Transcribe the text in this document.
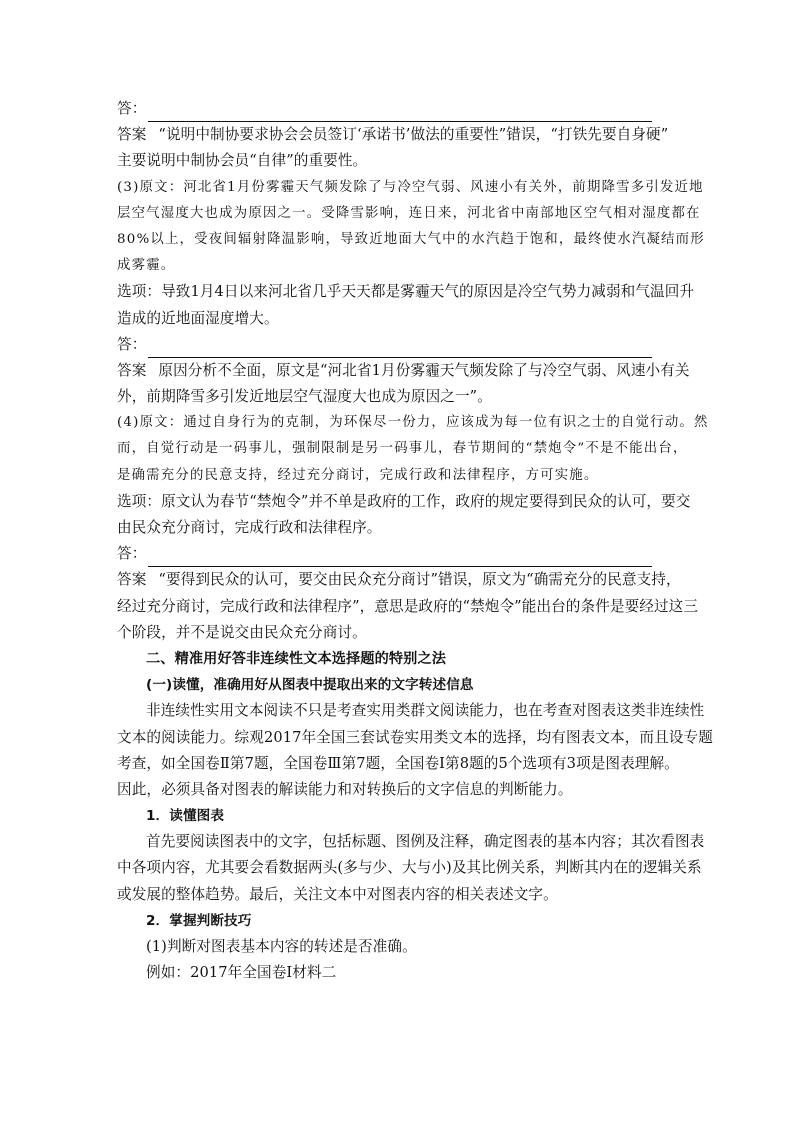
答：
答案 “说明中制协要求协会会员签订‘承诺书’做法的重要性”错误，“打铁先要自身硬”
主要说明中制协会员“自律”的重要性。
(3)原文：河北省1月份雾霾天气频发除了与冷空气弱、风速小有关外，前期降雪多引发近地
层空气湿度大也成为原因之一。受降雪影响，连日来，河北省中南部地区空气相对湿度都在
80%以上，受夜间辐射降温影响，导致近地面大气中的水汽趋于饱和，最终使水汽凝结而形
成雾霾。
选项：导致1月4日以来河北省几乎天天都是雾霾天气的原因是冷空气势力减弱和气温回升
造成的近地面湿度增大。
答：
答案 原因分析不全面，原文是“河北省1月份雾霾天气频发除了与冷空气弱、风速小有关
外，前期降雪多引发近地层空气湿度大也成为原因之一”。
(4)原文：通过自身行为的克制，为环保尽一份力，应该成为每一位有识之士的自觉行动。然
而，自觉行动是一码事儿，强制限制是另一码事儿，春节期间的“禁炮令”不是不能出台，
是确需充分的民意支持，经过充分商讨，完成行政和法律程序，方可实施。
选项：原文认为春节“禁炮令”并不单是政府的工作，政府的规定要得到民众的认可，要交
由民众充分商讨，完成行政和法律程序。
答：
答案 “要得到民众的认可，要交由民众充分商讨”错误，原文为“确需充分的民意支持，
经过充分商讨，完成行政和法律程序”，意思是政府的“禁炮令”能出台的条件是要经过这三
个阶段，并不是说交由民众充分商讨。
二、精准用好答非连续性文本选择题的特别之法
(一)读懂，准确用好从图表中提取出来的文字转述信息
非连续性实用文本阅读不只是考查实用类群文阅读能力，也在考查对图表这类非连续性
文本的阅读能力。综观2017年全国三套试卷实用类文本的选择，均有图表文本，而且设专题
考查，如全国卷Ⅱ第7题，全国卷Ⅲ第7题，全国卷Ⅰ第8题的5个选项有3项是图表理解。
因此，必须具备对图表的解读能力和对转换后的文字信息的判断能力。
1．读懂图表
首先要阅读图表中的文字，包括标题、图例及注释，确定图表的基本内容；其次看图表
中各项内容，尤其要会看数据两头(多与少、大与小)及其比例关系，判断其内在的逻辑关系
或发展的整体趋势。最后，关注文本中对图表内容的相关表述文字。
2．掌握判断技巧
(1)判断对图表基本内容的转述是否准确。
例如：2017年全国卷Ⅰ材料二
